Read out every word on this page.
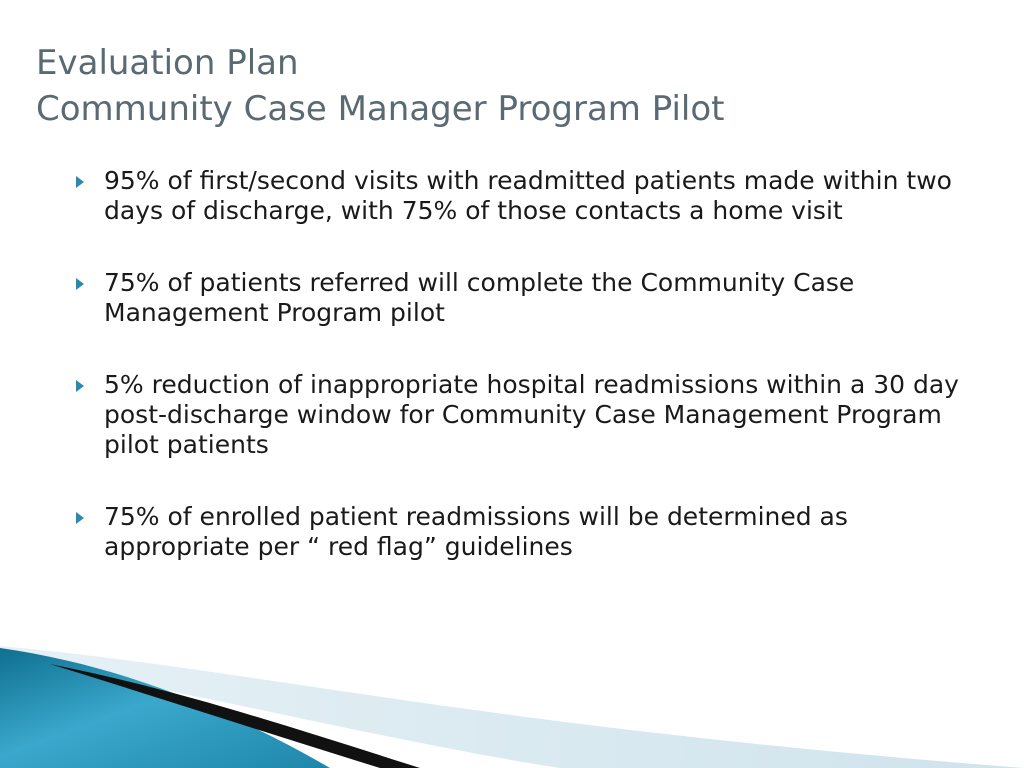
Evaluation Plan
Community Case Manager Program Pilot
95% of first/second visits with readmitted patients made within two days of discharge, with 75% of those contacts a home visit
75% of patients referred will complete the Community Case Management Program pilot
5% reduction of inappropriate hospital readmissions within a 30 day post-discharge window for Community Case Management Program pilot patients
75% of enrolled patient readmissions will be determined as appropriate per “ red flag” guidelines
